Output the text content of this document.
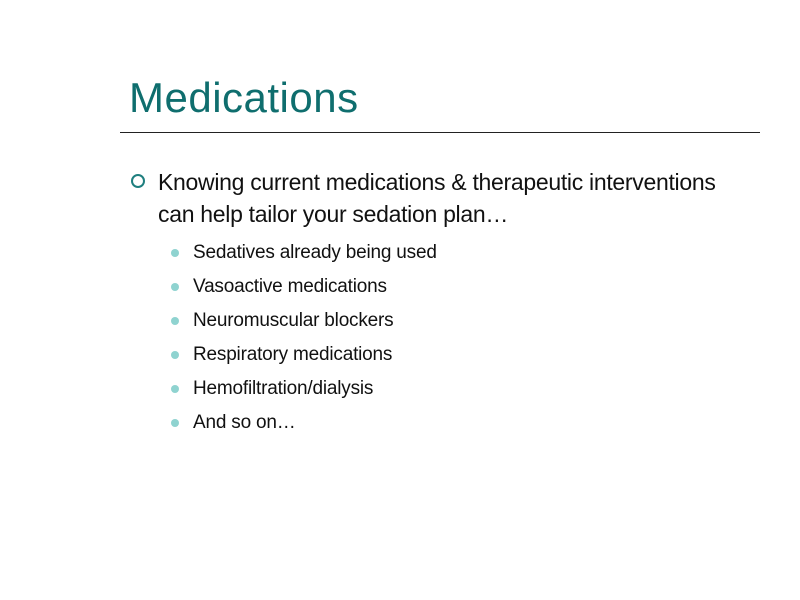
Medications
Knowing current medications & therapeutic interventions can help tailor your sedation plan…
Sedatives already being used
Vasoactive medications
Neuromuscular blockers
Respiratory medications
Hemofiltration/dialysis
And so on…
